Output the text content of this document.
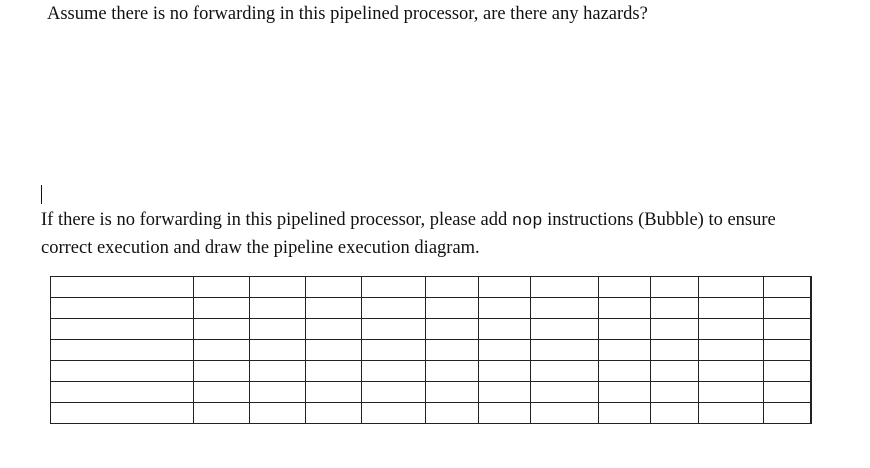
Assume there is no forwarding in this pipelined processor, are there any hazards?
If there is no forwarding in this pipelined processor, please add nop instructions (Bubble) to ensure correct execution and draw the pipeline execution diagram.
